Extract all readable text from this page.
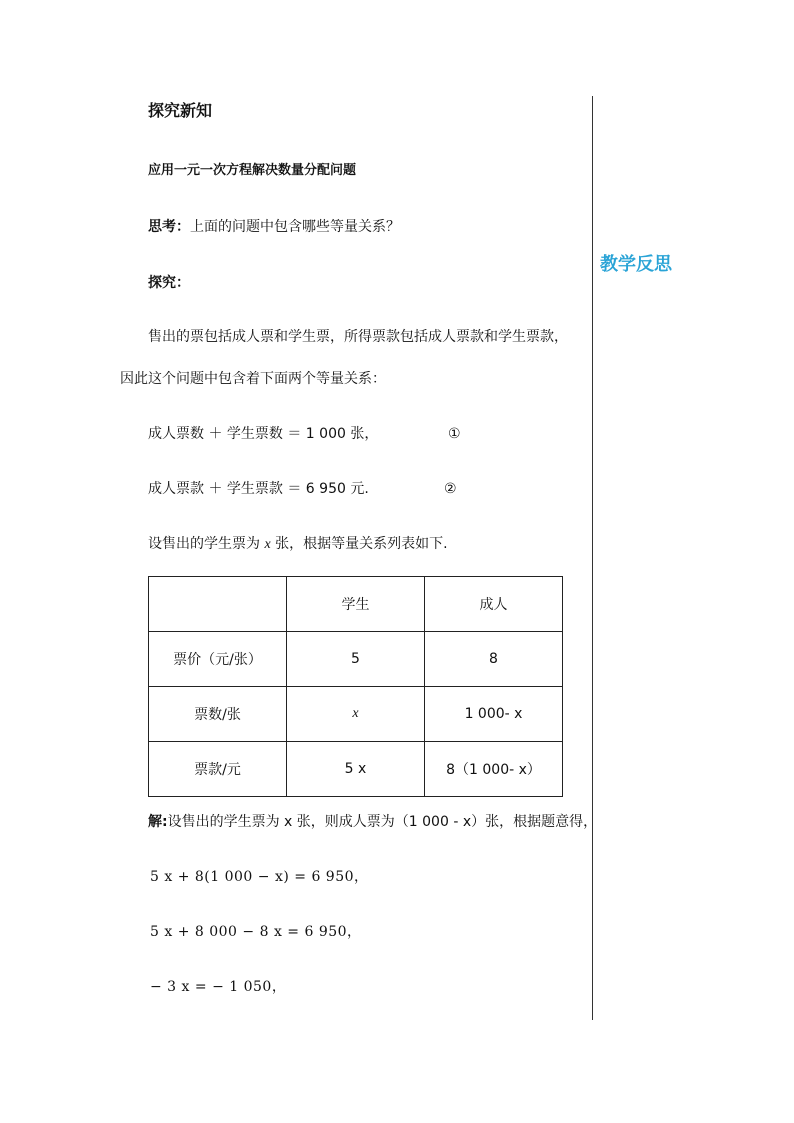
教学反思
探究新知
应用一元一次方程解决数量分配问题
思考：上面的问题中包含哪些等量关系？
探究：
售出的票包括成人票和学生票，所得票款包括成人票款和学生票款，
因此这个问题中包含着下面两个等量关系：
成人票数 ＋ 学生票数 ＝ 1 000 张，	①
成人票款 ＋ 学生票款 ＝ 6 950 元.	②
设售出的学生票为 x 张，根据等量关系列表如下.
	学生	成人
票价（元/张）	5	8
票数/张	x	1 000- x
票款/元	5 x	8（1 000- x）
解:设售出的学生票为 x 张，则成人票为（1 000 - x）张，根据题意得，
5 x + 8(1 000 − x) = 6 950，
5 x + 8 000 − 8 x = 6 950，
− 3 x = − 1 050，
